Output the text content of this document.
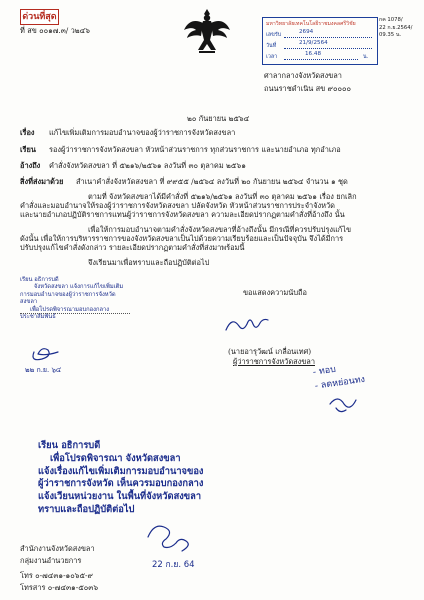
ด่วนที่สุด
ที่ สข ๐๐๑๗.๓/ ว๒๔๖
มหาวิทยาลัยเทคโนโลยีราชมงคลศรีวิชัย
เลขรับ	2694
วันที่	21/9/2564
เวลา	16.48	น.
กค 1078/
22 ก.ย.2564/
09.35 น.
ศาลากลางจังหวัดสงขลา
ถนนราชดำเนิน สข ๙๐๐๐๐
๒๐ กันยายน ๒๕๖๔
เรื่อง แก้ไขเพิ่มเติมการมอบอำนาจของผู้ว่าราชการจังหวัดสงขลา
เรียน รองผู้ว่าราชการจังหวัดสงขลา หัวหน้าส่วนราชการ ทุกส่วนราชการ และนายอำเภอ ทุกอำเภอ
อ้างถึง คำสั่งจังหวัดสงขลา ที่ ๕๒๑๖/๒๕๖๑ ลงวันที่ ๓๐ ตุลาคม ๒๕๖๑
สิ่งที่ส่งมาด้วย สำเนาคำสั่งจังหวัดสงขลา ที่ ๙๙๕๕ /๒๕๖๔ ลงวันที่ ๒๐ กันยายน ๒๕๖๔ จำนวน ๑ ชุด
ตามที่ จังหวัดสงขลาได้มีคำสั่งที่ ๕๒๑๖/๒๕๖๑ ลงวันที่ ๓๐ ตุลาคม ๒๕๖๑ เรื่อง ยกเลิก
คำสั่งและมอบอำนาจให้รองผู้ว่าราชการจังหวัดสงขลา ปลัดจังหวัด หัวหน้าส่วนราชการประจำจังหวัด
และนายอำเภอปฏิบัติราชการแทนผู้ว่าราชการจังหวัดสงขลา ความละเอียดปรากฏตามคำสั่งที่อ้างถึง นั้น
เพื่อให้การมอบอำนาจตามคำสั่งจังหวัดสงขลาที่อ้างถึงนั้น มีกรณีที่ควรปรับปรุงแก้ไข
ดังนั้น เพื่อให้การบริหารราชการของจังหวัดสงขลาเป็นไปด้วยความเรียบร้อยและเป็นปัจจุบัน จึงได้มีการ
ปรับปรุงแก้ไขคำสั่งดังกล่าว รายละเอียดปรากฏตามคำสั่งที่ส่งมาพร้อมนี้
จึงเรียนมาเพื่อทราบและถือปฏิบัติต่อไป
เรียน อธิการบดี
จังหวัดสงขลา แจ้งการแก้ไขเพิ่มเติม
การมอบอำนาจของผู้ว่าราชการจังหวัด
สงขลา
เพื่อโปรดพิจารณามอบกองกลาง
ประชาสัมพันธ์
ขอแสดงความนับถือ
(นายอารุวัฒน์ เกลื่อนเทศ)
ผู้ว่าราชการจังหวัดสงขลา
๒๒ ก.ย. ๖๔	- ทอบ
- ลดหย่อนทง
เรียน อธิการบดี
เพื่อโปรดพิจารณา จังหวัดสงขลา
แจ้งเรื่องแก้ไขเพิ่มเติมการมอบอำนาจของ
ผู้ว่าราชการจังหวัด เห็นควรมอบกองกลาง
แจ้งเวียนหน่วยงาน ในพื้นที่จังหวัดสงขลา
ทราบและถือปฏิบัติต่อไป
22 ก.ย. 64
สำนักงานจังหวัดสงขลา
กลุ่มงานอำนวยการ
โทร ๐-๗๔๓๑-๑๐๖๕-๙
โทรสาร ๐-๗๔๓๑-๕๐๓๖
